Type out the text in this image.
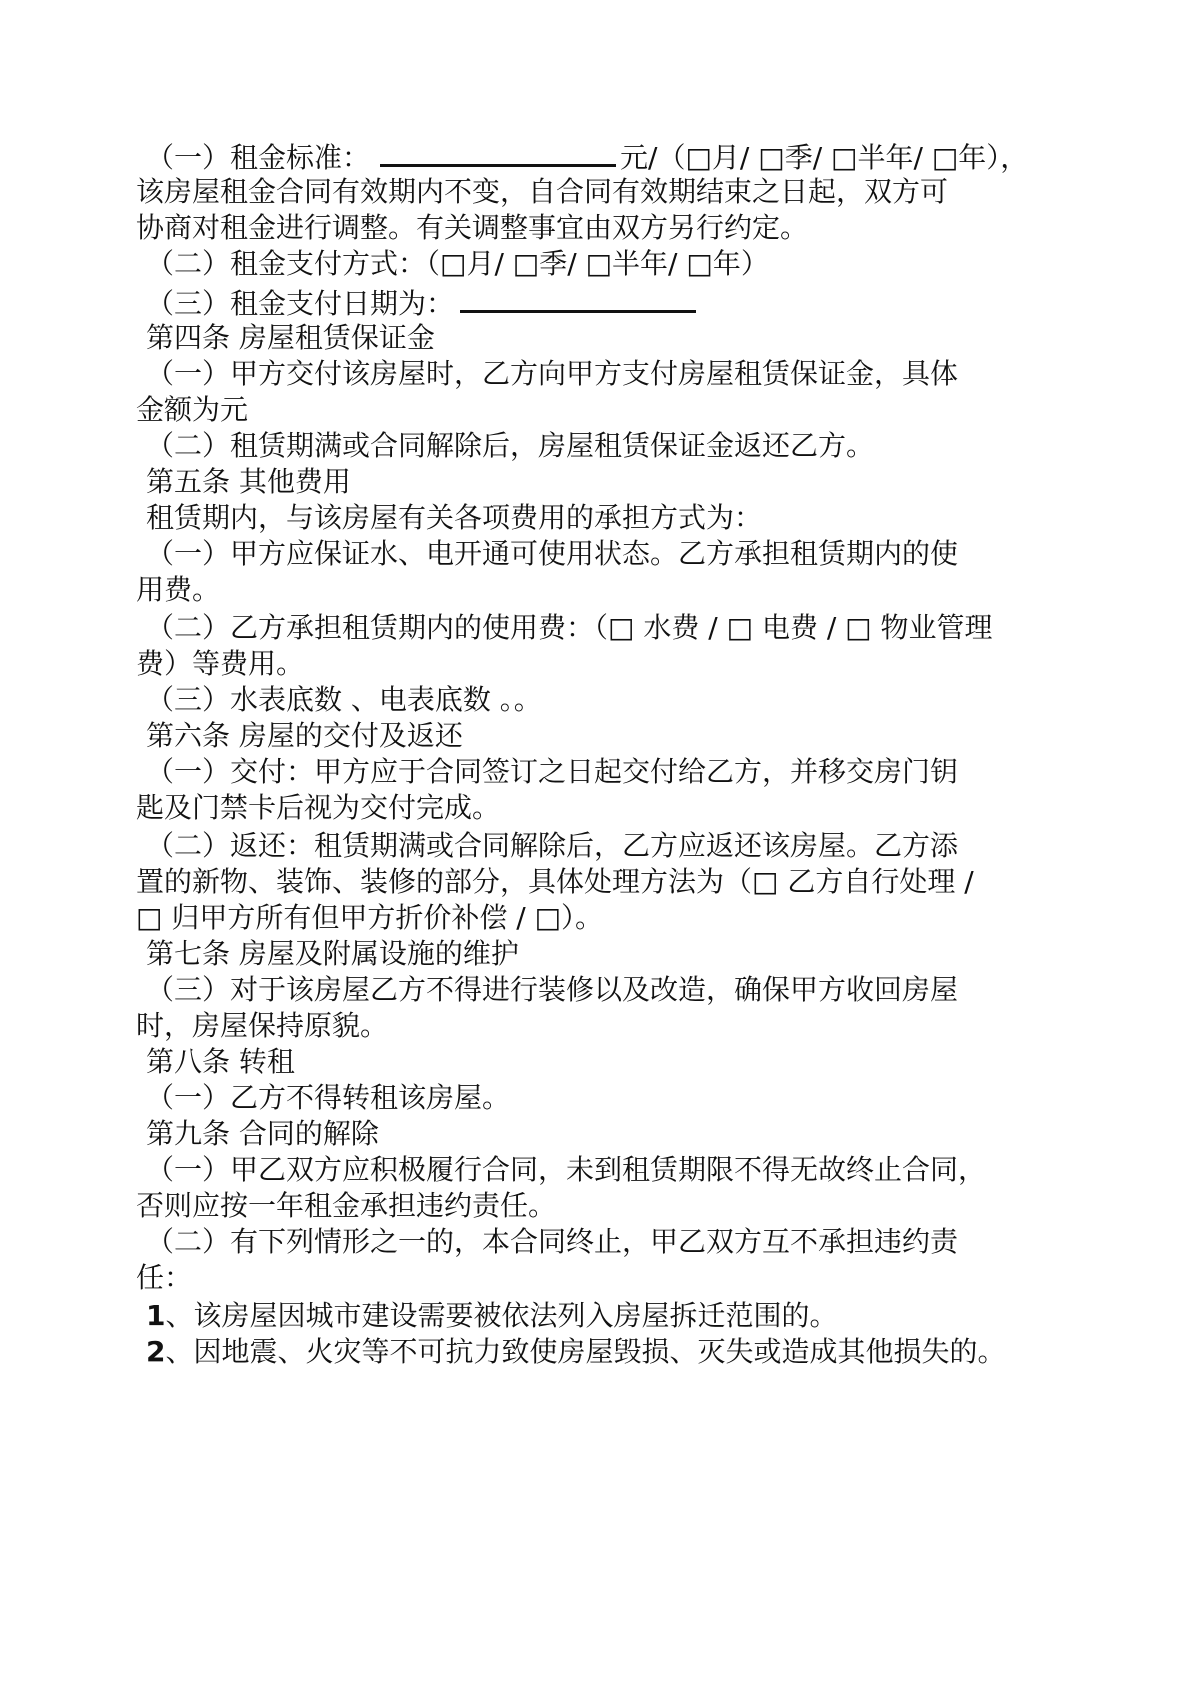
（一）租金标准：	元/（□月/ □季/ □半年/ □年），

该房屋租金合同有效期内不变，自合同有效期结束之日起，双方可

协商对租金进行调整。有关调整事宜由双方另行约定。

（二）租金支付方式：（□月/ □季/ □半年/ □年）

（三）租金支付日期为：

第四条 房屋租赁保证金

（一）甲方交付该房屋时，乙方向甲方支付房屋租赁保证金，具体

金额为元

（二）租赁期满或合同解除后，房屋租赁保证金返还乙方。

第五条 其他费用

租赁期内，与该房屋有关各项费用的承担方式为：

（一）甲方应保证水、电开通可使用状态。乙方承担租赁期内的使

用费。

（二）乙方承担租赁期内的使用费：（□ 水费 / □ 电费 / □ 物业管理

费）等费用。

（三）水表底数 、电表底数 。。

第六条 房屋的交付及返还

（一）交付：甲方应于合同签订之日起交付给乙方，并移交房门钥

匙及门禁卡后视为交付完成。

（二）返还：租赁期满或合同解除后，乙方应返还该房屋。乙方添

置的新物、装饰、装修的部分，具体处理方法为（□ 乙方自行处理 /

□ 归甲方所有但甲方折价补偿 / □）。

第七条 房屋及附属设施的维护

（三）对于该房屋乙方不得进行装修以及改造，确保甲方收回房屋

时，房屋保持原貌。

第八条 转租

（一）乙方不得转租该房屋。

第九条 合同的解除

（一）甲乙双方应积极履行合同，未到租赁期限不得无故终止合同，

否则应按一年租金承担违约责任。

（二）有下列情形之一的，本合同终止，甲乙双方互不承担违约责

任：

1、该房屋因城市建设需要被依法列入房屋拆迁范围的。

2、因地震、火灾等不可抗力致使房屋毁损、灭失或造成其他损失的。
